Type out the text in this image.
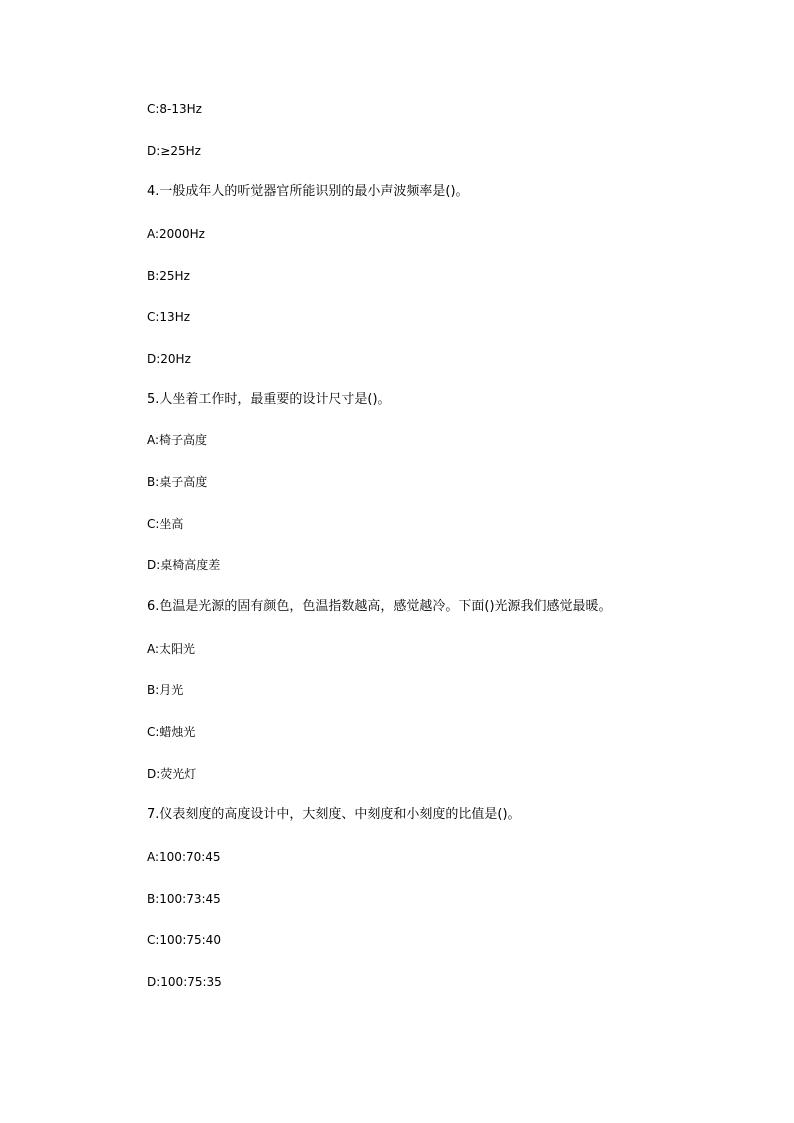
C:8-13Hz
D:≥25Hz
4.一般成年人的听觉器官所能识别的最小声波频率是()。
A:2000Hz
B:25Hz
C:13Hz
D:20Hz
5.人坐着工作时，最重要的设计尺寸是()。
A:椅子高度
B:桌子高度
C:坐高
D:桌椅高度差
6.色温是光源的固有颜色，色温指数越高，感觉越冷。下面()光源我们感觉最暖。
A:太阳光
B:月光
C:蜡烛光
D:荧光灯
7.仪表刻度的高度设计中，大刻度、中刻度和小刻度的比值是()。
A:100:70:45
B:100:73:45
C:100:75:40
D:100:75:35
